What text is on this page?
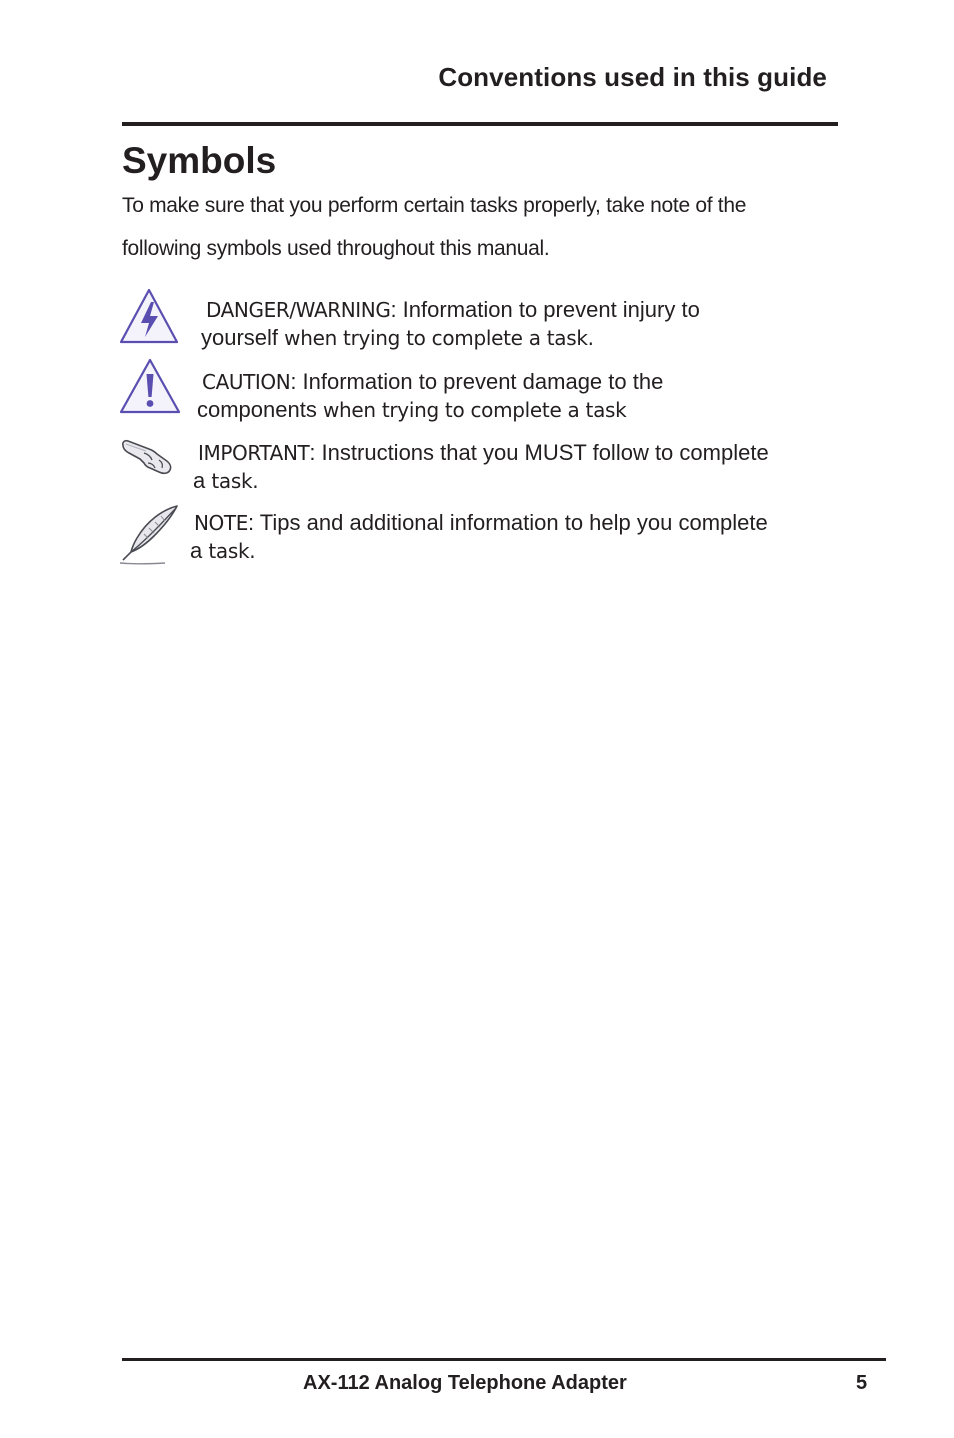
Conventions used in this guide
Symbols
To make sure that you perform certain tasks properly, take note of the
following symbols used throughout this manual.
DANGER/WARNING: Information to prevent injury to
yourself when trying to complete a task.
CAUTION: Information to prevent damage to the
components when trying to complete a task
IMPORTANT: Instructions that you MUST follow to complete
a task.
NOTE: Tips and additional information to help you complete
a task.
AX-112 Analog Telephone Adapter	5
